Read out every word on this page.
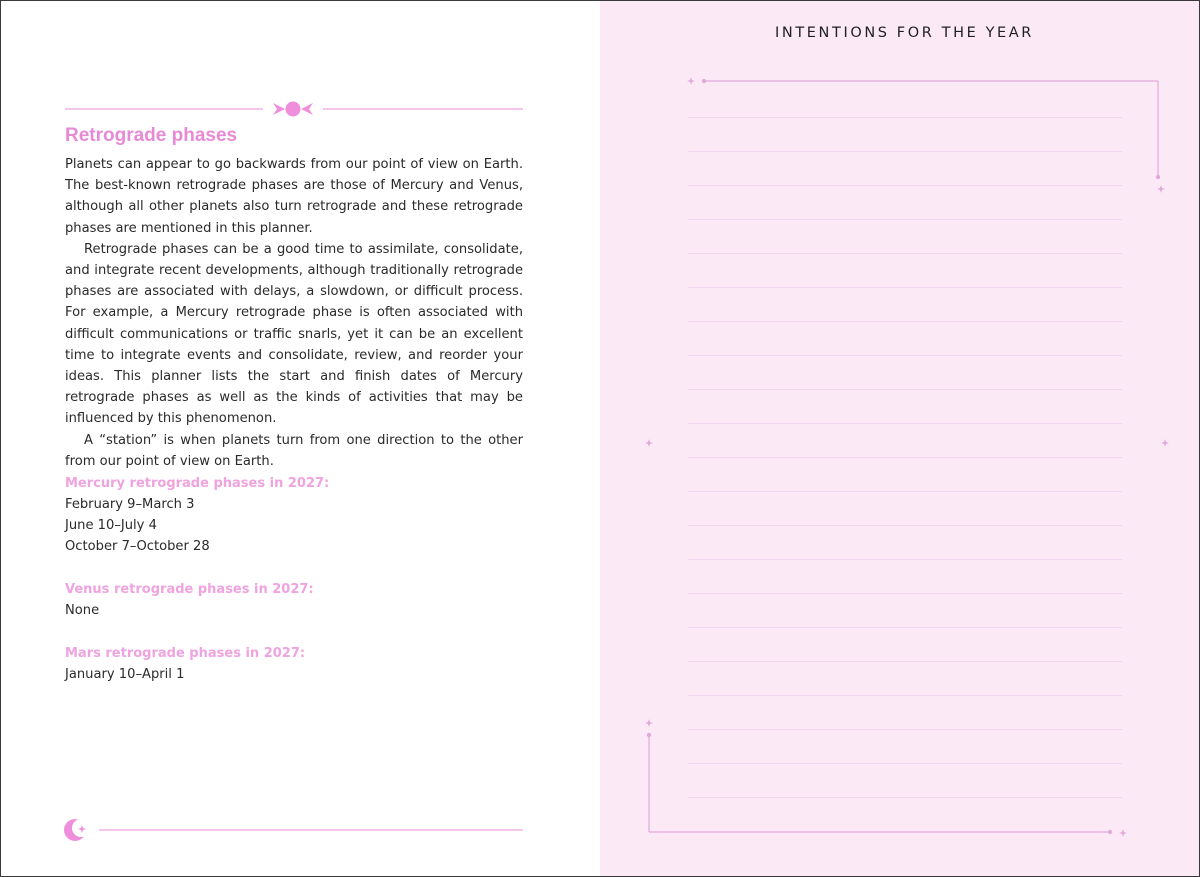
Retrograde phases

Planets can appear to go backwards from our point of view on Earth. The best-known retrograde phases are those of Mercury and Venus, although all other planets also turn retrograde and these retrograde phases are mentioned in this planner.

Retrograde phases can be a good time to assimilate, consolidate, and integrate recent developments, although traditionally retrograde phases are associated with delays, a slowdown, or difficult process. For example, a Mercury retrograde phase is often associated with difficult communications or traffic snarls, yet it can be an excellent time to integrate events and consolidate, review, and reorder your ideas. This planner lists the start and finish dates of Mercury retrograde phases as well as the kinds of activities that may be influenced by this phenomenon.

A “station” is when planets turn from one direction to the other from our point of view on Earth.

Mercury retrograde phases in 2027:

February 9–March 3

June 10–July 4

October 7–October 28

Venus retrograde phases in 2027:

None

Mars retrograde phases in 2027:

January 10–April 1

INTENTIONS FOR THE YEAR
